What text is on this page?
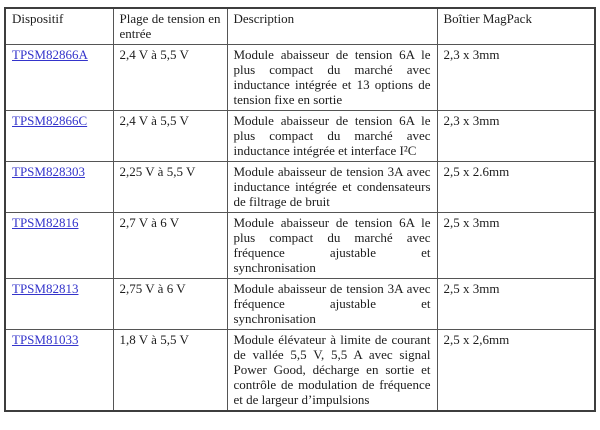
Dispositif	Plage de tension en entrée	Description	Boîtier MagPack
TPSM82866A	2,4 V à 5,5 V	Module abaisseur de tension 6A le plus compact du marché avec inductance intégrée et 13 options de tension fixe en sortie	2,3 x 3mm
TPSM82866C	2,4 V à 5,5 V	Module abaisseur de tension 6A le plus compact du marché avec inductance intégrée et interface I²C	2,3 x 3mm
TPSM828303	2,25 V à 5,5 V	Module abaisseur de tension 3A avec inductance intégrée et condensateurs de filtrage de bruit	2,5 x 2.6mm
TPSM82816	2,7 V à 6 V	Module abaisseur de tension 6A le plus compact du marché avec fréquence ajustable et synchronisation	2,5 x 3mm
TPSM82813	2,75 V à 6 V	Module abaisseur de tension 3A avec fréquence ajustable et synchronisation	2,5 x 3mm
TPSM81033	1,8 V à 5,5 V	Module élévateur à limite de courant de vallée 5,5 V, 5,5 A avec signal Power Good, décharge en sortie et contrôle de modulation de fréquence et de largeur d’impulsions	2,5 x 2,6mm
